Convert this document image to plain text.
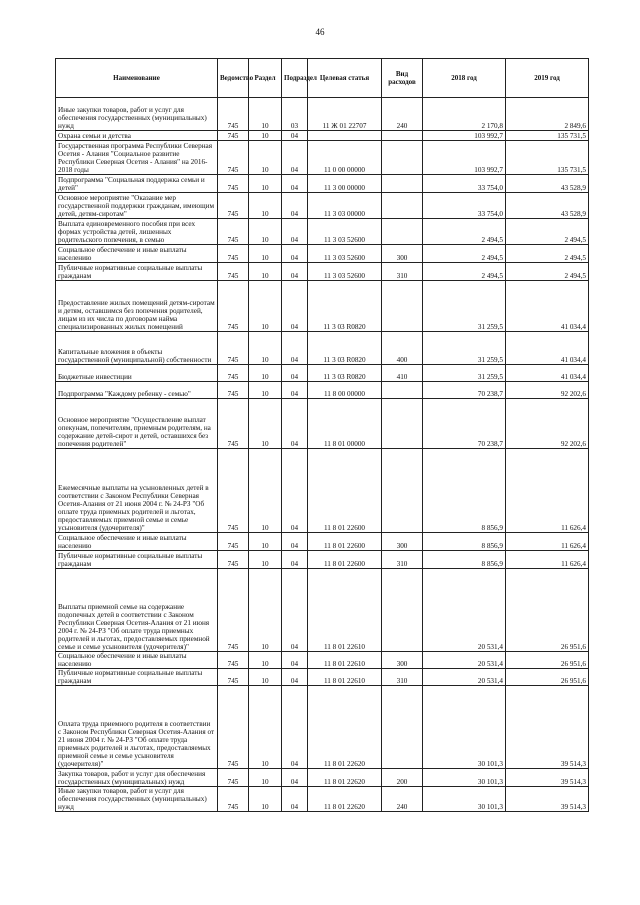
46
Наименование	Ведомство	Раздел	Подраздел	Целевая статья	Вид расходов	2018 год	2019 год
Иные закупки товаров, работ и услуг для обеспечения государственных (муниципальных) нужд	745	10	03	11 Ж 01 22707	240	2 170,8	2 849,6
Охрана семьи и детства	745	10	04			103 992,7	135 731,5
Государственная программа Республики Северная Осетия - Алания "Социальное развитие Республики Северная Осетия - Алания" на 2016-2018 годы	745	10	04	11 0 00 00000		103 992,7	135 731,5
Подпрограмма "Социальная поддержка семьи и детей"	745	10	04	11 3 00 00000		33 754,0	43 528,9
Основное мероприятие "Оказание мер государственной поддержки гражданам, имеющим детей, детям-сиротам"	745	10	04	11 3 03 00000		33 754,0	43 528,9
Выплата единовременного пособия при всех формах устройства детей, лишенных родительского попечения, в семью	745	10	04	11 3 03 52600		2 494,5	2 494,5
Социальное обеспечение и иные выплаты населению	745	10	04	11 3 03 52600	300	2 494,5	2 494,5
Публичные нормативные социальные выплаты гражданам	745	10	04	11 3 03 52600	310	2 494,5	2 494,5
Предоставление жилых помещений детям-сиротам и детям, оставшимся без попечения родителей, лицам из их числа по договорам найма специализированных жилых помещений	745	10	04	11 3 03 R0820		31 259,5	41 034,4
Капитальные вложения в объекты государственной (муниципальной) собственности	745	10	04	11 3 03 R0820	400	31 259,5	41 034,4
Бюджетные инвестиции	745	10	04	11 3 03 R0820	410	31 259,5	41 034,4
Подпрограмма "Каждому ребенку - семью"	745	10	04	11 8 00 00000		70 238,7	92 202,6
Основное мероприятие "Осуществление выплат опекунам, попечителям, приемным родителям, на содержание детей-сирот и детей, оставшихся без попечения родителей"	745	10	04	11 8 01 00000		70 238,7	92 202,6
Ежемесячные выплаты на усыновленных детей в соответствии с Законом Республики Северная Осетия-Алания от 21 июня 2004 г. № 24-РЗ "Об оплате труда приемных родителей и льготах, предоставляемых приемной семье и семье усыновителя (удочерителя)"	745	10	04	11 8 01 22600		8 856,9	11 626,4
Социальное обеспечение и иные выплаты населению	745	10	04	11 8 01 22600	300	8 856,9	11 626,4
Публичные нормативные социальные выплаты гражданам	745	10	04	11 8 01 22600	310	8 856,9	11 626,4
Выплаты приемной семье на содержание подопечных детей в соответствии с Законом Республики Северная Осетия-Алания от 21 июня 2004 г. № 24-РЗ "Об оплате труда приемных родителей и льготах, предоставляемых приемной семье и семье усыновителя (удочерителя)"	745	10	04	11 8 01 22610		20 531,4	26 951,6
Социальное обеспечение и иные выплаты населению	745	10	04	11 8 01 22610	300	20 531,4	26 951,6
Публичные нормативные социальные выплаты гражданам	745	10	04	11 8 01 22610	310	20 531,4	26 951,6
Оплата труда приемного родителя в соответствии с Законом Республики Северная Осетия-Алания от 21 июня 2004 г. № 24-РЗ "Об оплате труда приемных родителей и льготах, предоставляемых приемной семье и семье усыновителя (удочерителя)"	745	10	04	11 8 01 22620		30 101,3	39 514,3
Закупка товаров, работ и услуг для обеспечения государственных (муниципальных) нужд	745	10	04	11 8 01 22620	200	30 101,3	39 514,3
Иные закупки товаров, работ и услуг для обеспечения государственных (муниципальных) нужд	745	10	04	11 8 01 22620	240	30 101,3	39 514,3
